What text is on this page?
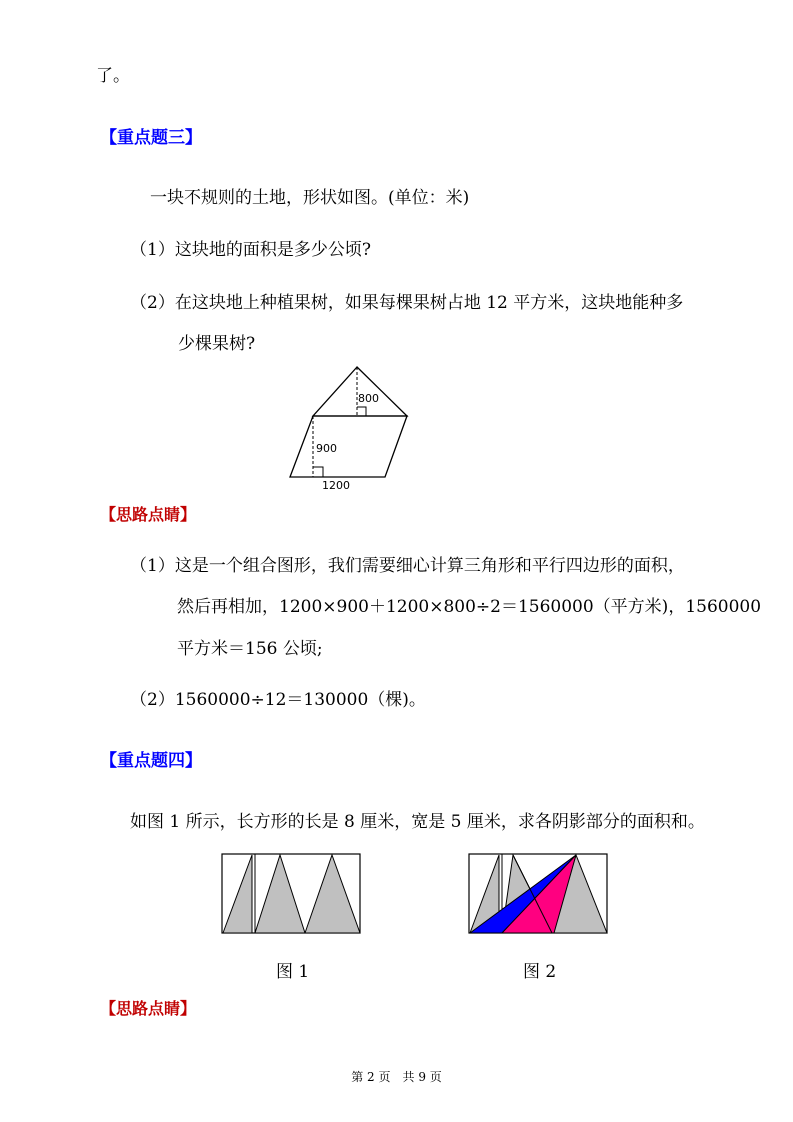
了。
【重点题三】
一块不规则的土地，形状如图。(单位：米)
（1）这块地的面积是多少公顷?
（2）在这块地上种植果树，如果每棵果树占地 12 平方米，这块地能种多
少棵果树?
800
900
1200
【思路点睛】
（1）这是一个组合图形，我们需要细心计算三角形和平行四边形的面积，
然后再相加，1200×900＋1200×800÷2＝1560000（平方米)，1560000
平方米＝156 公顷;
（2）1560000÷12＝130000（棵)。
【重点题四】
如图 1 所示，长方形的长是 8 厘米，宽是 5 厘米，求各阴影部分的面积和。
图 1	图 2
【思路点睛】
第 2 页　共 9 页
